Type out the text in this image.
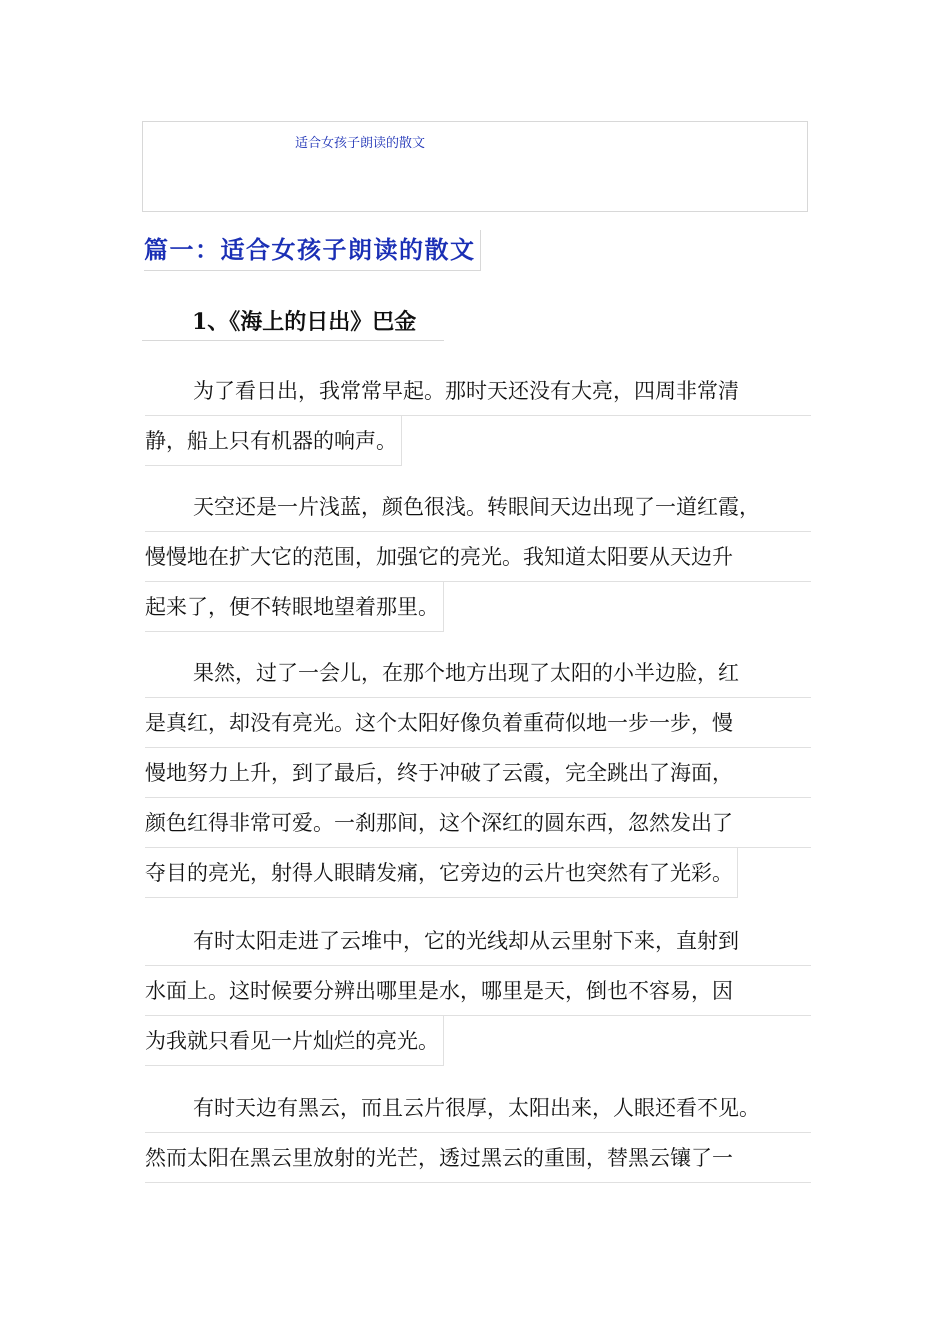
适合女孩子朗读的散文
篇一：适合女孩子朗读的散文
1、《海上的日出》巴金
为了看日出，我常常早起。那时天还没有大亮，四周非常清
静，船上只有机器的响声。
天空还是一片浅蓝，颜色很浅。转眼间天边出现了一道红霞，
慢慢地在扩大它的范围，加强它的亮光。我知道太阳要从天边升
起来了，便不转眼地望着那里。
果然，过了一会儿，在那个地方出现了太阳的小半边脸，红
是真红，却没有亮光。这个太阳好像负着重荷似地一步一步，慢
慢地努力上升，到了最后，终于冲破了云霞，完全跳出了海面，
颜色红得非常可爱。一刹那间，这个深红的圆东西，忽然发出了
夺目的亮光，射得人眼睛发痛，它旁边的云片也突然有了光彩。
有时太阳走进了云堆中，它的光线却从云里射下来，直射到
水面上。这时候要分辨出哪里是水，哪里是天，倒也不容易，因
为我就只看见一片灿烂的亮光。
有时天边有黑云，而且云片很厚，太阳出来，人眼还看不见。
然而太阳在黑云里放射的光芒，透过黑云的重围，替黑云镶了一
